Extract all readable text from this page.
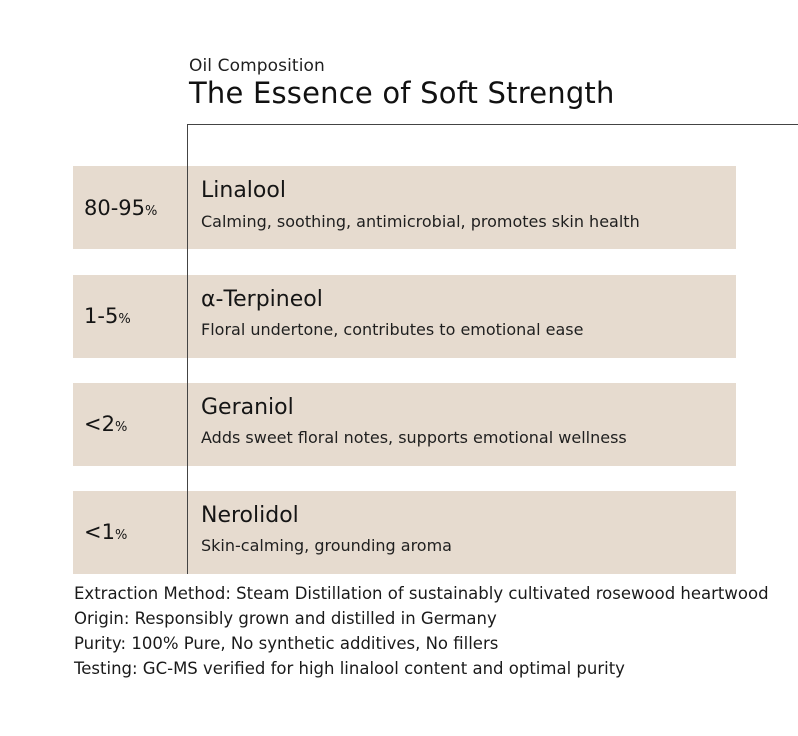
Oil Composition
The Essence of Soft Strength
80-95%
Linalool
Calming, soothing, antimicrobial, promotes skin health
1-5%
α-Terpineol
Floral undertone, contributes to emotional ease
<2%
Geraniol
Adds sweet floral notes, supports emotional wellness
<1%
Nerolidol
Skin-calming, grounding aroma
Extraction Method: Steam Distillation of sustainably cultivated rosewood heartwood
Origin: Responsibly grown and distilled in Germany
Purity: 100% Pure, No synthetic additives, No fillers
Testing: GC-MS verified for high linalool content and optimal purity
